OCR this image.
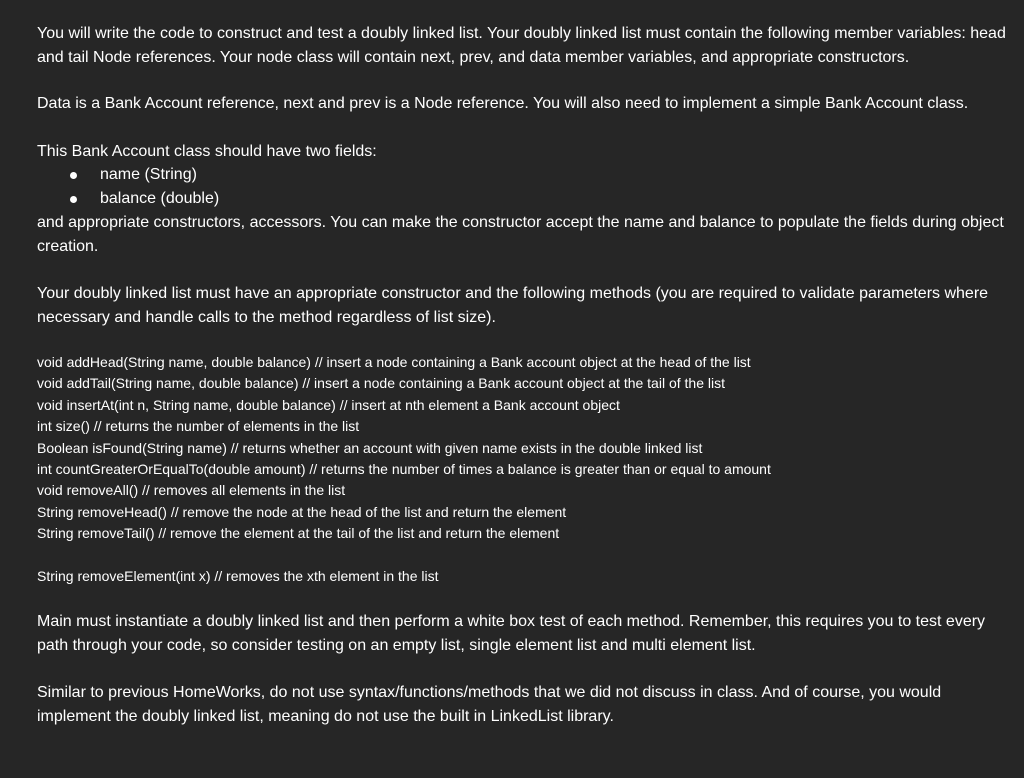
You will write the code to construct and test a doubly linked list. Your doubly linked list must contain the following member variables: head and tail Node references. Your node class will contain next, prev, and data member variables, and appropriate constructors.

Data is a Bank Account reference, next and prev is a Node reference. You will also need to implement a simple Bank Account class.

This Bank Account class should have two fields:

name (String)
balance (double)

and appropriate constructors, accessors. You can make the constructor accept the name and balance to populate the fields during object creation.

Your doubly linked list must have an appropriate constructor and the following methods (you are required to validate parameters where necessary and handle calls to the method regardless of list size).

void addHead(String name, double balance) // insert a node containing a Bank account object at the head of the list
void addTail(String name, double balance) // insert a node containing a Bank account object at the tail of the list
void insertAt(int n, String name, double balance) // insert at nth element a Bank account object
int size() // returns the number of elements in the list
Boolean isFound(String name) // returns whether an account with given name exists in the double linked list
int countGreaterOrEqualTo(double amount) // returns the number of times a balance is greater than or equal to amount
void removeAll() // removes all elements in the list
String removeHead() // remove the node at the head of the list and return the element
String removeTail() // remove the element at the tail of the list and return the element
String removeElement(int x) // removes the xth element in the list

Main must instantiate a doubly linked list and then perform a white box test of each method. Remember, this requires you to test every path through your code, so consider testing on an empty list, single element list and multi element list.

Similar to previous HomeWorks, do not use syntax/functions/methods that we did not discuss in class. And of course, you would implement the doubly linked list, meaning do not use the built in LinkedList library.
